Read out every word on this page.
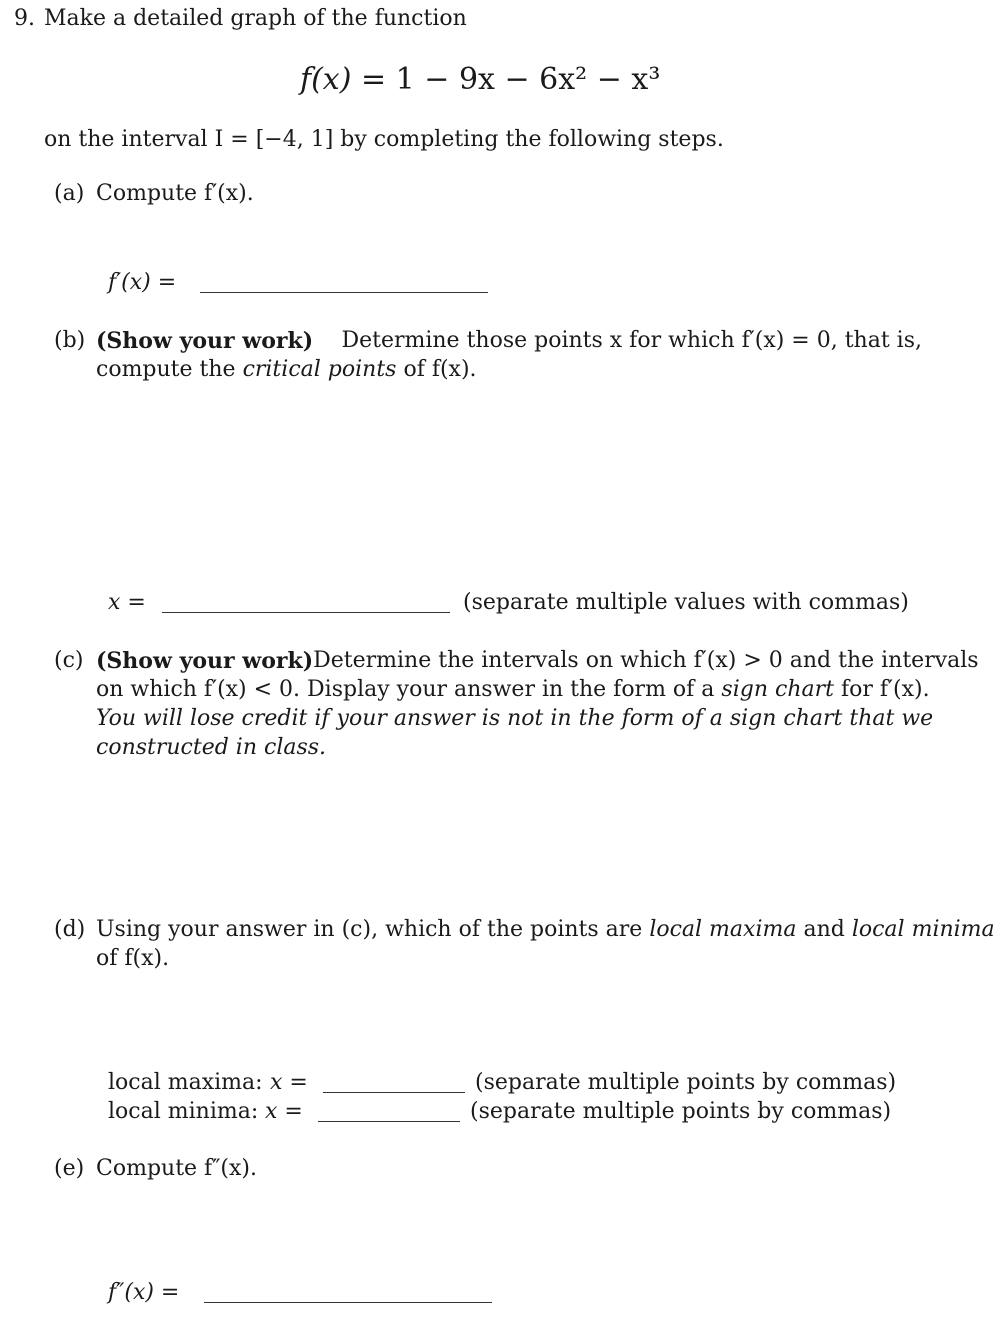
9. Make a detailed graph of the function
f(x) = 1 − 9x − 6x² − x³
on the interval I = [−4, 1] by completing the following steps.
(a) Compute f′(x).
f′(x) =
(b) (Show your work) Determine those points x for which f′(x) = 0, that is,
compute the critical points of f(x).
x =	(separate multiple values with commas)
(c) (Show your work) Determine the intervals on which f′(x) > 0 and the intervals
on which f′(x) < 0. Display your answer in the form of a sign chart for f′(x).
You will lose credit if your answer is not in the form of a sign chart that we
constructed in class.
(d) Using your answer in (c), which of the points are local maxima and local minima
of f(x).
local maxima: x =	(separate multiple points by commas)
local minima: x =	(separate multiple points by commas)
(e) Compute f″(x).
f″(x) =
